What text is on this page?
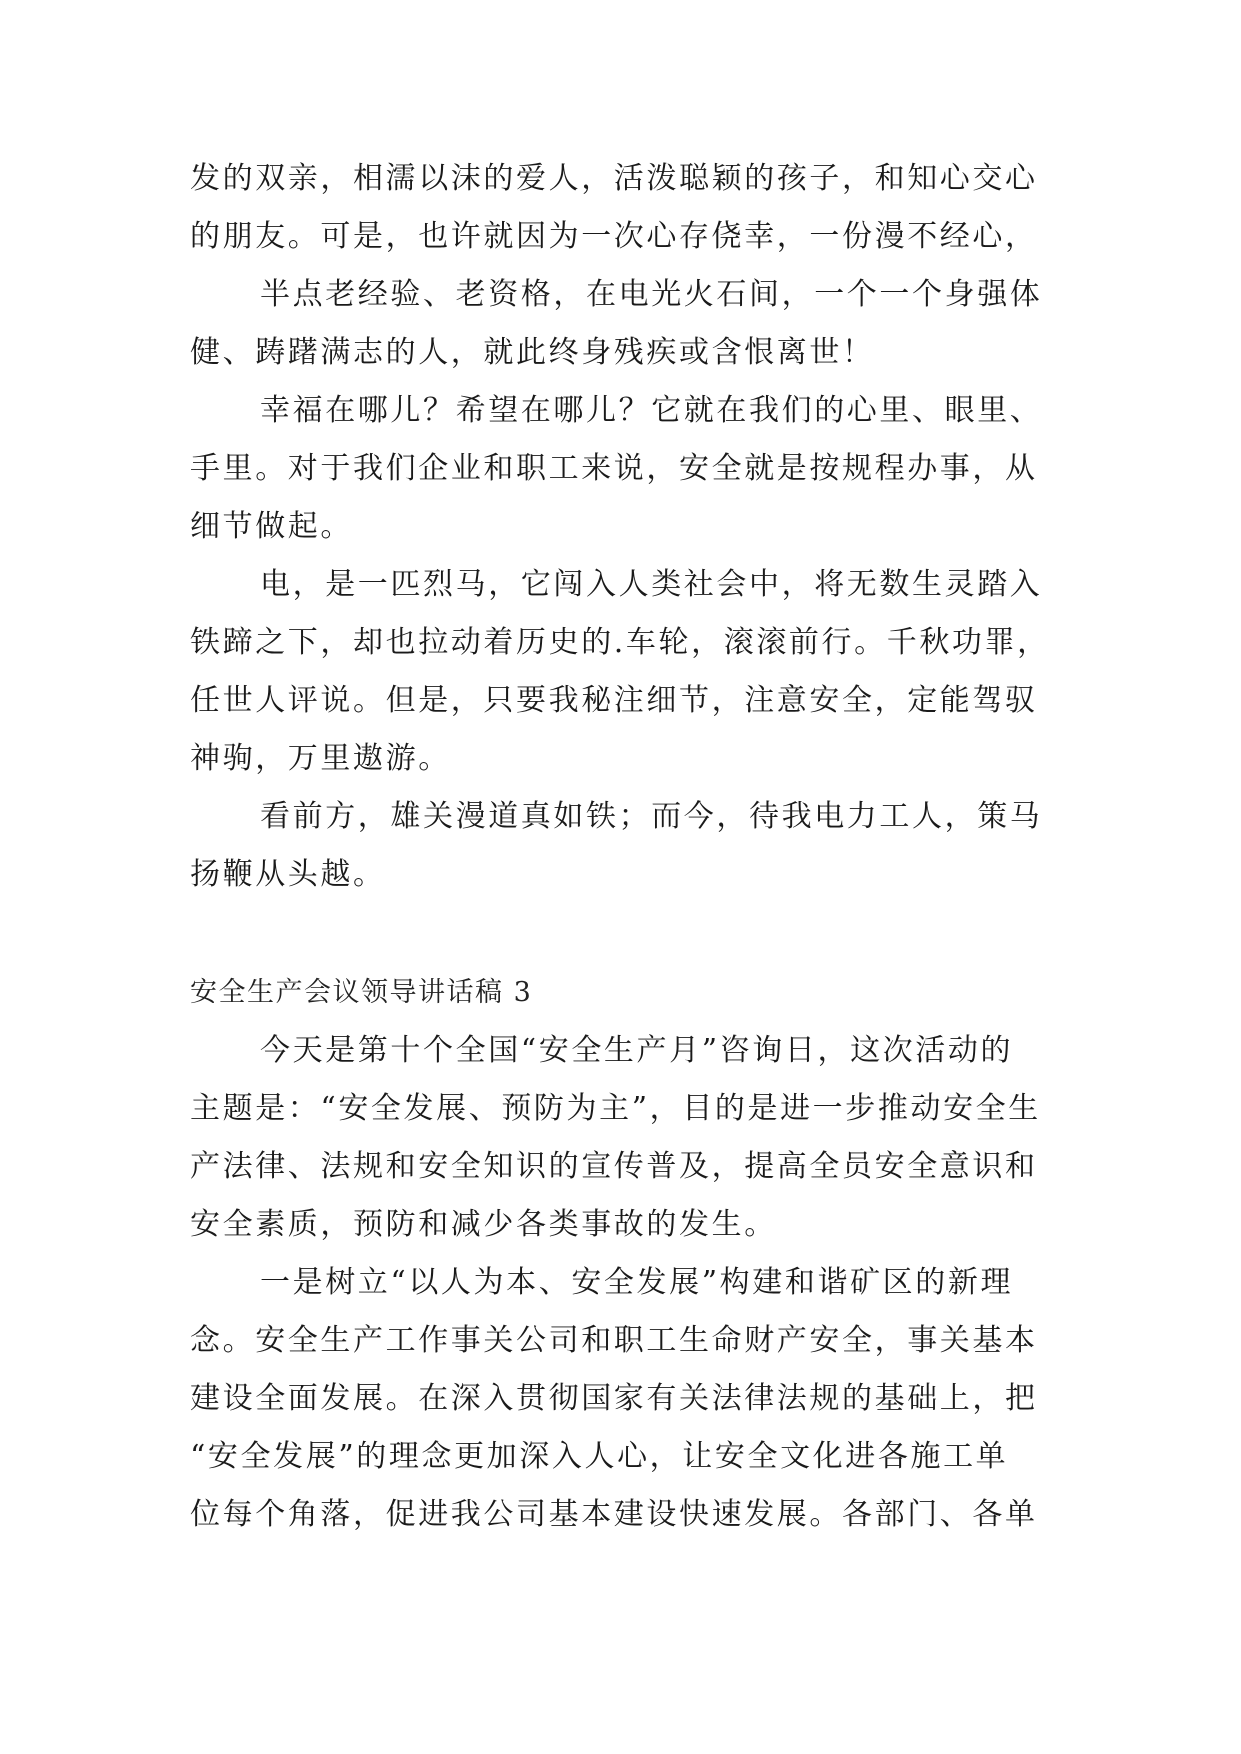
发的双亲，相濡以沫的爱人，活泼聪颖的孩子，和知心交心
的朋友。可是，也许就因为一次心存侥幸，一份漫不经心，
半点老经验、老资格，在电光火石间，一个一个身强体
健、踌躇满志的人，就此终身残疾或含恨离世！
幸福在哪儿？希望在哪儿？它就在我们的心里、眼里、
手里。对于我们企业和职工来说，安全就是按规程办事，从
细节做起。
电，是一匹烈马，它闯入人类社会中，将无数生灵踏入
铁蹄之下，却也拉动着历史的.车轮，滚滚前行。千秋功罪，
任世人评说。但是，只要我秘注细节，注意安全，定能驾驭
神驹，万里遨游。
看前方，雄关漫道真如铁；而今，待我电力工人，策马
扬鞭从头越。
安全生产会议领导讲话稿 3
今天是第十个全国“安全生产月”咨询日，这次活动的
主题是：“安全发展、预防为主”，目的是进一步推动安全生
产法律、法规和安全知识的宣传普及，提高全员安全意识和
安全素质，预防和减少各类事故的发生。
一是树立“以人为本、安全发展”构建和谐矿区的新理
念。安全生产工作事关公司和职工生命财产安全，事关基本
建设全面发展。在深入贯彻国家有关法律法规的基础上，把
“安全发展”的理念更加深入人心，让安全文化进各施工单
位每个角落，促进我公司基本建设快速发展。各部门、各单
